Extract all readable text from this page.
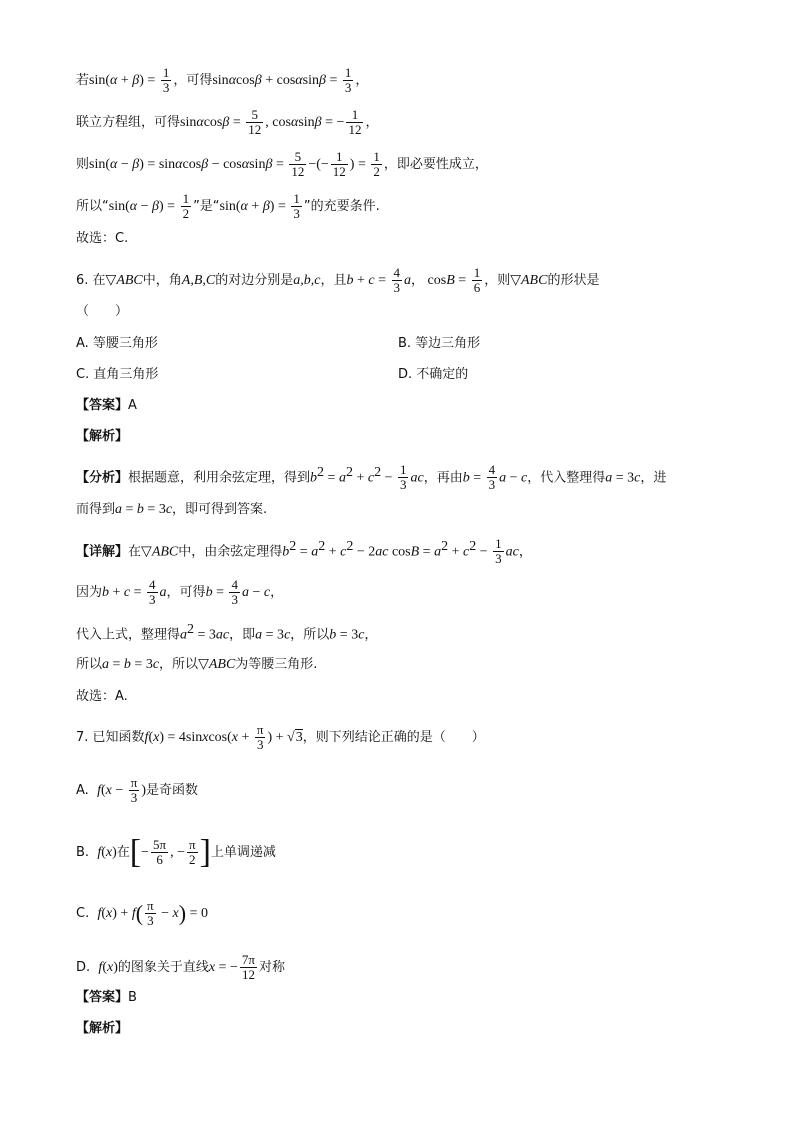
若$\sin(\alpha + \beta) = \frac{1}{3}$ ，可得$\sin\alpha\cos\beta + \cos\alpha\sin\beta = \frac{1}{3}$ ，
联立方程组，可得$\sin\alpha\cos\beta = \frac{5}{12}$ , cosαsinβ = − $\frac{1}{12}$ ，
则$\sin(\alpha - \beta) = \sin\alpha\cos\beta - \cos\alpha\sin\beta = \frac{5}{12}$ −(− $\frac{1}{12}$ ) = $\frac{1}{2}$ ，即必要性成立，
所以“$\sin(\alpha - \beta) = \frac{1}{2}$ ”是“$\sin(\alpha + \beta) = \frac{1}{3}$ ”的充要条件.
故选：C.
6. 在▽ABC中，角A,B,C的对边分别是a,b,c，且$b + c = \frac{4}{3}$ a， $\cos B = \frac{1}{6}$ ，则▽ABC的形状是
（　　）
A. 等腰三角形	B. 等边三角形
C. 直角三角形	D. 不确定的
【答案】A
【解析】
【分析】根据题意，利用余弦定理，得到$b^2 = a^2 + c^2 - \frac{1}{3}$ ac，再由$b = \frac{4}{3}$ a − c，代入整理得a = 3c，进
而得到a = b = 3c，即可得到答案.
【详解】在▽ABC中，由余弦定理得$b^2 = a^2 + c^2 - 2ac$ $\cos B = a^2 + c^2 - \frac{1}{3}$ ac，
因为$b + c = \frac{4}{3}$ a，可得$b = \frac{4}{3}$ a − c，
代入上式，整理得$a^2 = 3ac$，即a = 3c，所以b = 3c，
所以a = b = 3c，所以▽ABC为等腰三角形.
故选：A.
7. 已知函数f(x) = 4sinxcos(x + $\frac{\pi}{3}$ ) + √3，则下列结论正确的是（　　）
A. $f(x - \frac{\pi}{3}$ )是奇函数
B. f(x)在[− $\frac{5\pi}{6}$ , − $\frac{\pi}{2}$ ]上单调递减
C. $f(x) + f( \frac{\pi}{3} - x) = 0$
D. f(x)的图象关于直线x = − $\frac{7\pi}{12}$ 对称
【答案】B
【解析】
